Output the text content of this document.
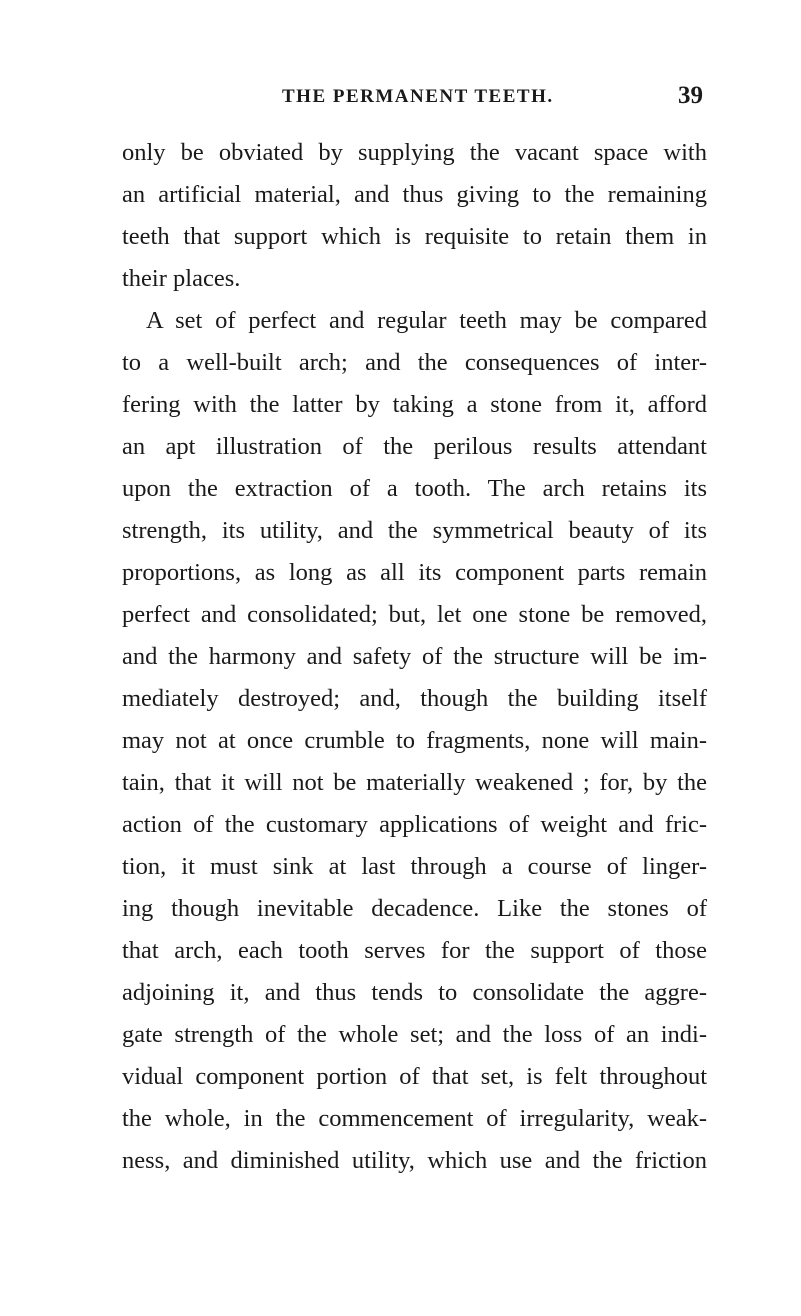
THE PERMANENT TEETH.	39
only be obviated by supplying the vacant space with
an artificial material, and thus giving to the remaining
teeth that support which is requisite to retain them in
their places.
A set of perfect and regular teeth may be compared
to a well-built arch; and the consequences of inter-
fering with the latter by taking a stone from it, afford
an apt illustration of the perilous results attendant
upon the extraction of a tooth. The arch retains its
strength, its utility, and the symmetrical beauty of its
proportions, as long as all its component parts remain
perfect and consolidated; but, let one stone be removed,
and the harmony and safety of the structure will be im-
mediately destroyed; and, though the building itself
may not at once crumble to fragments, none will main-
tain, that it will not be materially weakened ; for, by the
action of the customary applications of weight and fric-
tion, it must sink at last through a course of linger-
ing though inevitable decadence. Like the stones of
that arch, each tooth serves for the support of those
adjoining it, and thus tends to consolidate the aggre-
gate strength of the whole set; and the loss of an indi-
vidual component portion of that set, is felt throughout
the whole, in the commencement of irregularity, weak-
ness, and diminished utility, which use and the friction
